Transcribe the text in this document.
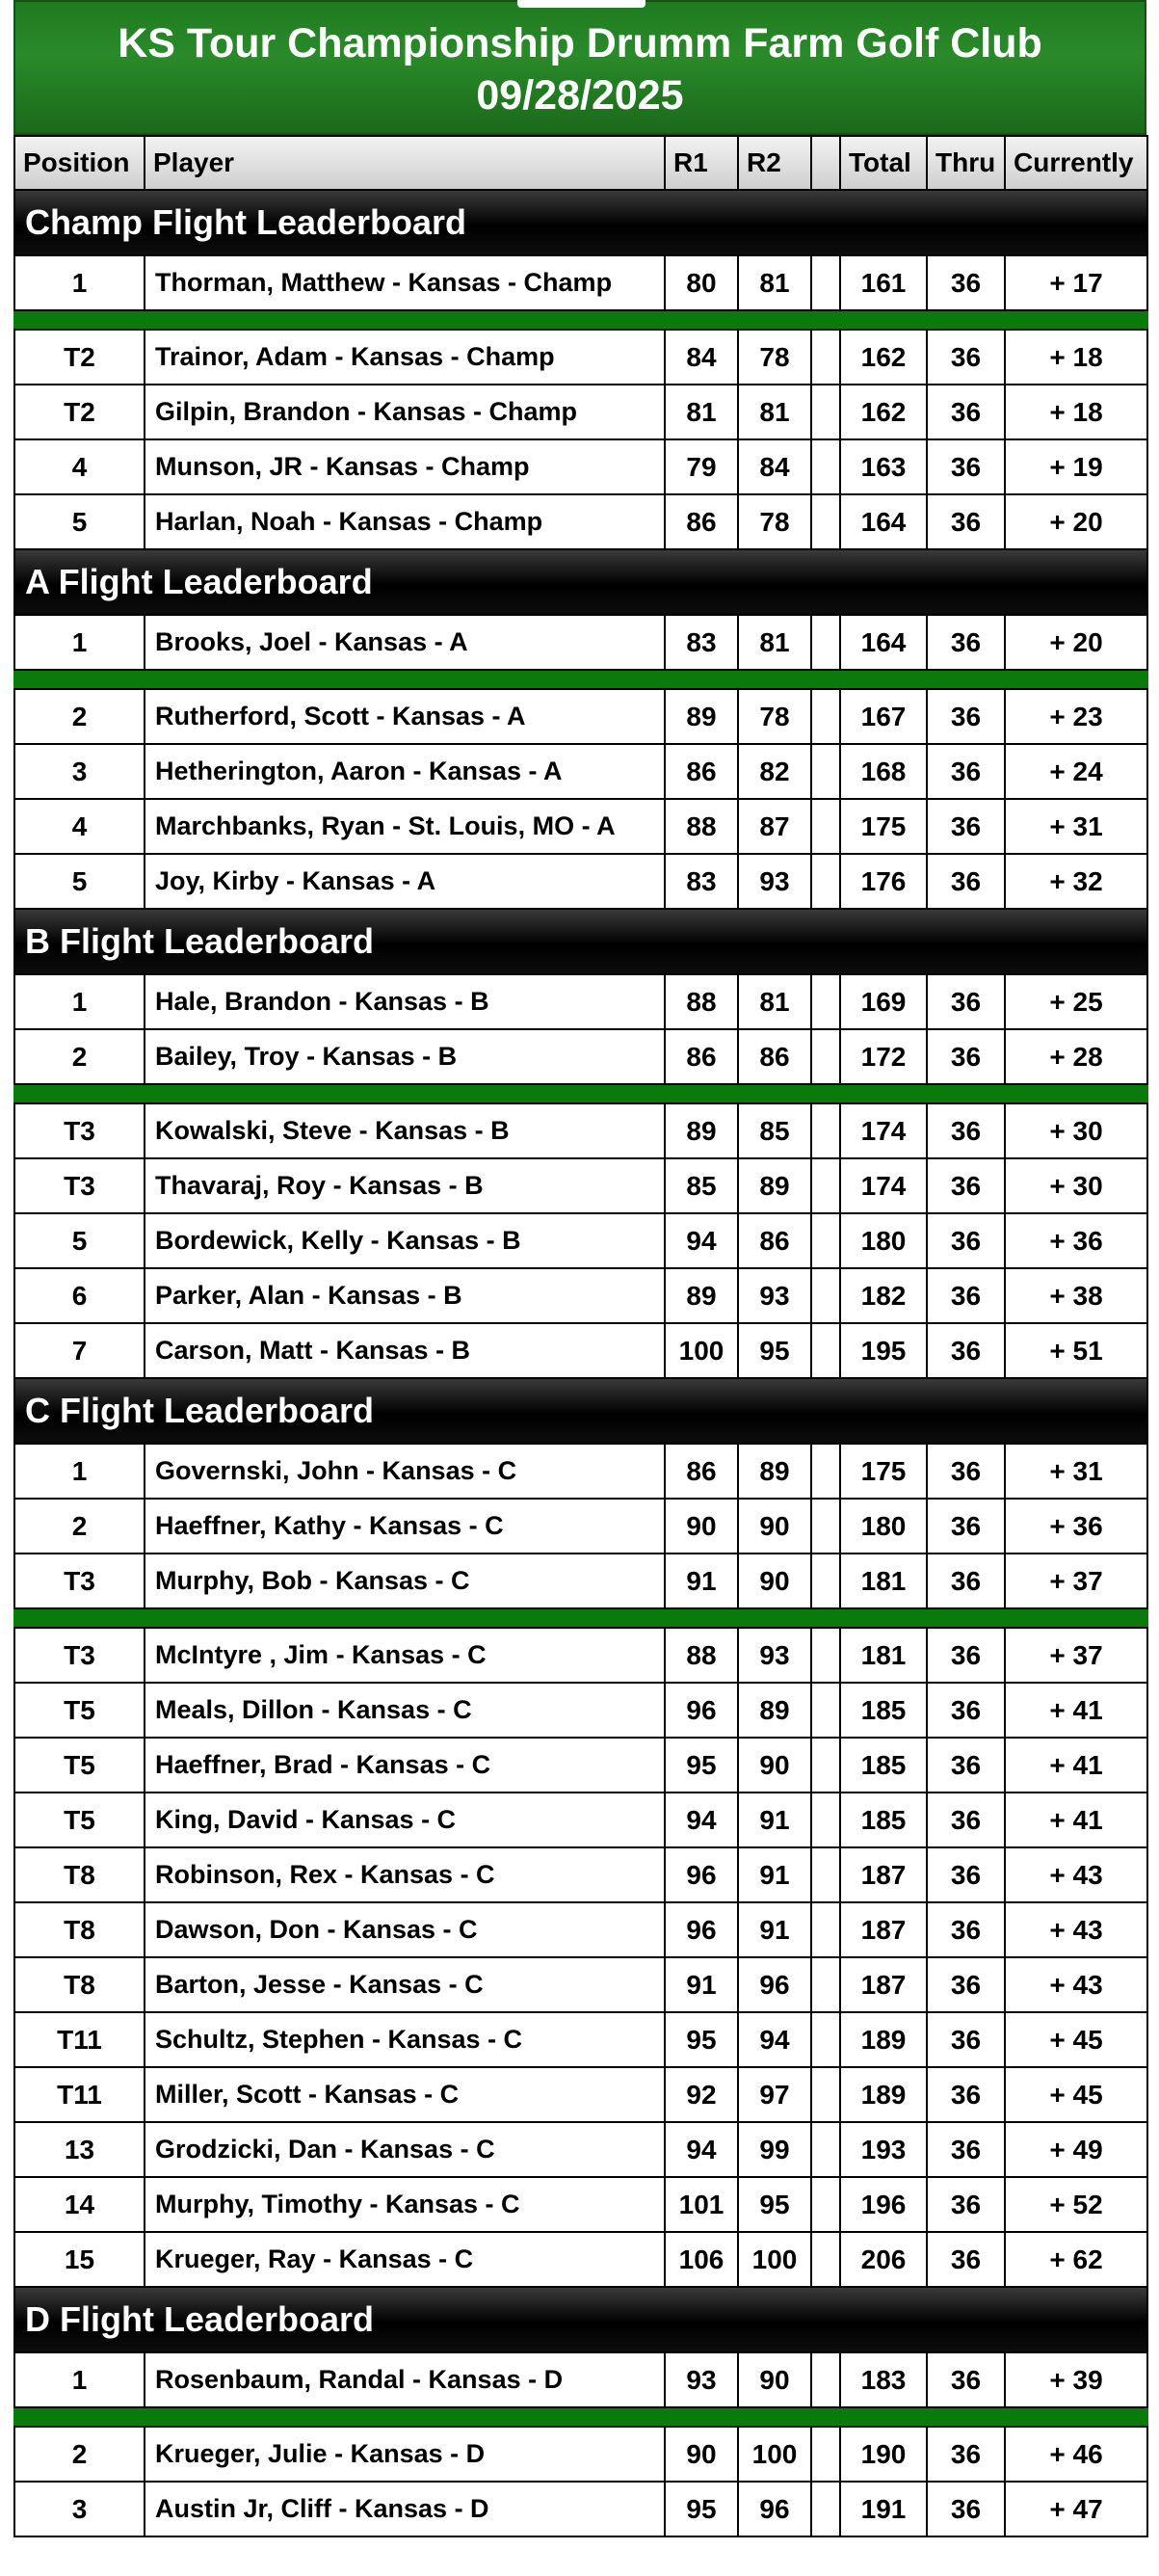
KS Tour Championship Drumm Farm Golf Club
09/28/2025
Position	Player	R1	R2		Total	Thru	Currently
Champ Flight Leaderboard							
1	Thorman, Matthew - Kansas - Champ	80	81		161	36	+ 17

T2	Trainor, Adam - Kansas - Champ	84	78		162	36	+ 18
T2	Gilpin, Brandon - Kansas - Champ	81	81		162	36	+ 18
4	Munson, JR - Kansas - Champ	79	84		163	36	+ 19
5	Harlan, Noah - Kansas - Champ	86	78		164	36	+ 20
A Flight Leaderboard							
1	Brooks, Joel - Kansas - A	83	81		164	36	+ 20

2	Rutherford, Scott - Kansas - A	89	78		167	36	+ 23
3	Hetherington, Aaron - Kansas - A	86	82		168	36	+ 24
4	Marchbanks, Ryan - St. Louis, MO - A	88	87		175	36	+ 31
5	Joy, Kirby - Kansas - A	83	93		176	36	+ 32
B Flight Leaderboard							
1	Hale, Brandon - Kansas - B	88	81		169	36	+ 25
2	Bailey, Troy - Kansas - B	86	86		172	36	+ 28

T3	Kowalski, Steve - Kansas - B	89	85		174	36	+ 30
T3	Thavaraj, Roy - Kansas - B	85	89		174	36	+ 30
5	Bordewick, Kelly - Kansas - B	94	86		180	36	+ 36
6	Parker, Alan - Kansas - B	89	93		182	36	+ 38
7	Carson, Matt - Kansas - B	100	95		195	36	+ 51
C Flight Leaderboard							
1	Governski, John - Kansas - C	86	89		175	36	+ 31
2	Haeffner, Kathy - Kansas - C	90	90		180	36	+ 36
T3	Murphy, Bob - Kansas - C	91	90		181	36	+ 37

T3	McIntyre , Jim - Kansas - C	88	93		181	36	+ 37
T5	Meals, Dillon - Kansas - C	96	89		185	36	+ 41
T5	Haeffner, Brad - Kansas - C	95	90		185	36	+ 41
T5	King, David - Kansas - C	94	91		185	36	+ 41
T8	Robinson, Rex - Kansas - C	96	91		187	36	+ 43
T8	Dawson, Don - Kansas - C	96	91		187	36	+ 43
T8	Barton, Jesse - Kansas - C	91	96		187	36	+ 43
T11	Schultz, Stephen - Kansas - C	95	94		189	36	+ 45
T11	Miller, Scott - Kansas - C	92	97		189	36	+ 45
13	Grodzicki, Dan - Kansas - C	94	99		193	36	+ 49
14	Murphy, Timothy - Kansas - C	101	95		196	36	+ 52
15	Krueger, Ray - Kansas - C	106	100		206	36	+ 62
D Flight Leaderboard							
1	Rosenbaum, Randal - Kansas - D	93	90		183	36	+ 39

2	Krueger, Julie - Kansas - D	90	100		190	36	+ 46
3	Austin Jr, Cliff - Kansas - D	95	96		191	36	+ 47
